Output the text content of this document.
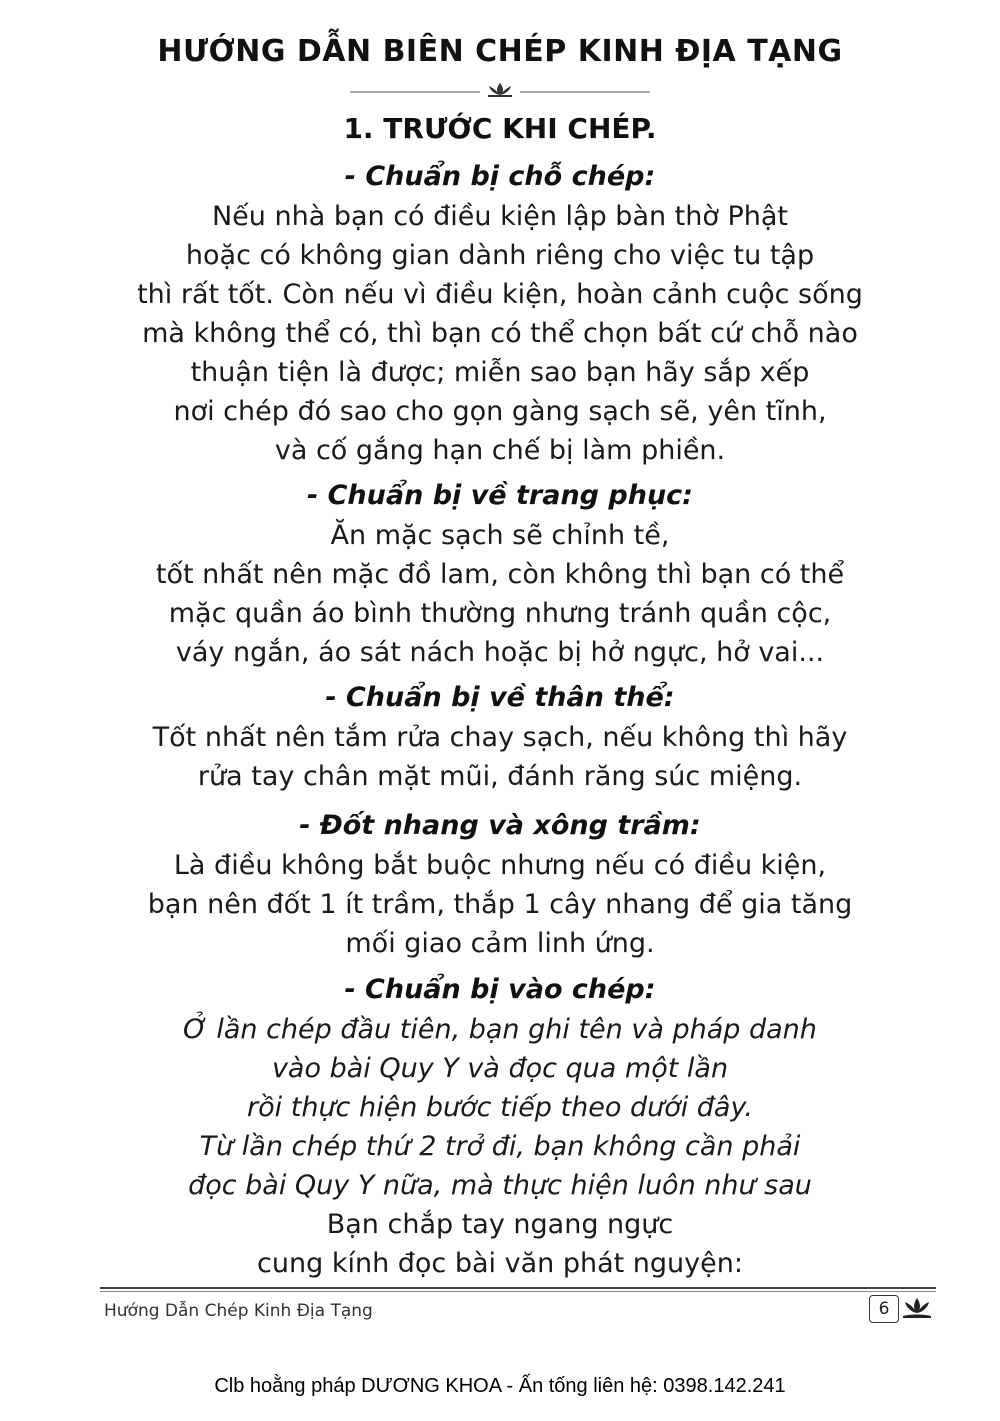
HƯỚNG DẪN BIÊN CHÉP KINH ĐỊA TẠNG
1. TRƯỚC KHI CHÉP.

- Chuẩn bị chỗ chép:

Nếu nhà bạn có điều kiện lập bàn thờ Phật

hoặc có không gian dành riêng cho việc tu tập

thì rất tốt. Còn nếu vì điều kiện, hoàn cảnh cuộc sống

mà không thể có, thì bạn có thể chọn bất cứ chỗ nào

thuận tiện là được; miễn sao bạn hãy sắp xếp

nơi chép đó sao cho gọn gàng sạch sẽ, yên tĩnh,

và cố gắng hạn chế bị làm phiền.

- Chuẩn bị về trang phục:

Ăn mặc sạch sẽ chỉnh tề,

tốt nhất nên mặc đồ lam, còn không thì bạn có thể

mặc quần áo bình thường nhưng tránh quần cộc,

váy ngắn, áo sát nách hoặc bị hở ngực, hở vai...

- Chuẩn bị về thân thể:

Tốt nhất nên tắm rửa chay sạch, nếu không thì hãy

rửa tay chân mặt mũi, đánh răng súc miệng.

- Đốt nhang và xông trầm:

Là điều không bắt buộc nhưng nếu có điều kiện,

bạn nên đốt 1 ít trầm, thắp 1 cây nhang để gia tăng

mối giao cảm linh ứng.

- Chuẩn bị vào chép:

Ở lần chép đầu tiên, bạn ghi tên và pháp danh

vào bài Quy Y và đọc qua một lần

rồi thực hiện bước tiếp theo dưới đây.

Từ lần chép thứ 2 trở đi, bạn không cần phải

đọc bài Quy Y nữa, mà thực hiện luôn như sau

Bạn chắp tay ngang ngực

cung kính đọc bài văn phát nguyện:

Hướng Dẫn Chép Kinh Địa Tạng	6
Clb hoằng pháp DƯƠNG KHOA - Ấn tống liên hệ: 0398.142.241
